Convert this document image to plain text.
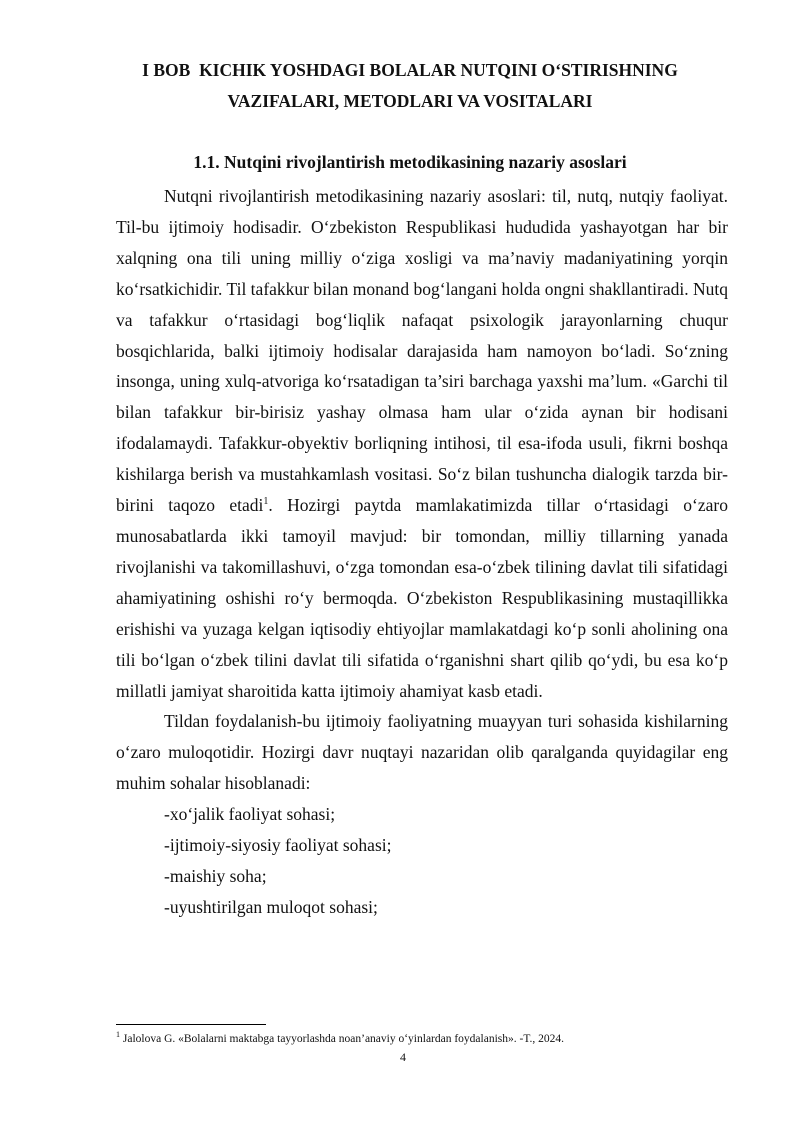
I BOB  KICHIK YOSHDAGI BOLALAR NUTQINI O‘STIRISHNING
VAZIFALARI, METODLARI VA VOSITALARI
1.1. Nutqini rivojlantirish metodikasining nazariy asoslari

Nutqni rivojlantirish metodikasining nazariy asoslari: til, nutq, nutqiy faoliyat. Til-bu ijtimoiy hodisadir. O‘zbekiston Respublikasi hududida yashayotgan har bir xalqning ona tili uning milliy o‘ziga xosligi va ma’naviy madaniyatining yorqin ko‘rsatkichidir. Til tafakkur bilan monand bog‘langani holda ongni shakllantiradi. Nutq va tafakkur o‘rtasidagi bog‘liqlik nafaqat psixologik jarayonlarning chuqur bosqichlarida, balki ijtimoiy hodisalar darajasida ham namoyon bo‘ladi. So‘zning insonga, uning xulq-atvoriga ko‘rsatadigan ta’siri barchaga yaxshi ma’lum. «Garchi til bilan tafakkur bir-birisiz yashay olmasa ham ular o‘zida aynan bir hodisani ifodalamaydi. Tafakkur-obyektiv borliqning intihosi, til esa-ifoda usuli, fikrni boshqa kishilarga berish va mustahkamlash vositasi. So‘z bilan tushuncha dialogik tarzda bir-birini taqozo etadi$^1$. Hozirgi paytda mamlakatimizda tillar o‘rtasidagi o‘zaro munosabatlarda ikki tamoyil mavjud: bir tomondan, milliy tillarning yanada rivojlanishi va takomillashuvi, o‘zga tomondan esa-o‘zbek tilining davlat tili sifatidagi ahamiyatining oshishi ro‘y bermoqda. O‘zbekiston Respublikasining mustaqillikka erishishi va yuzaga kelgan iqtisodiy ehtiyojlar mamlakatdagi ko‘p sonli aholining ona tili bo‘lgan o‘zbek tilini davlat tili sifatida o‘rganishni shart qilib qo‘ydi, bu esa ko‘p millatli jamiyat sharoitida katta ijtimoiy ahamiyat kasb etadi.

Tildan foydalanish-bu ijtimoiy faoliyatning muayyan turi sohasida kishilarning o‘zaro muloqotidir. Hozirgi davr nuqtayi nazaridan olib qaralganda quyidagilar eng muhim sohalar hisoblanadi:

-xo‘jalik faoliyat sohasi;
-ijtimoiy-siyosiy faoliyat sohasi;
-maishiy soha;
-uyushtirilgan muloqot sohasi;
$^1$ Jalolova G. «Bolalarni maktabga tayyorlashda noan’anaviy o‘yinlardan foydalanish». -T., 2024.
4
